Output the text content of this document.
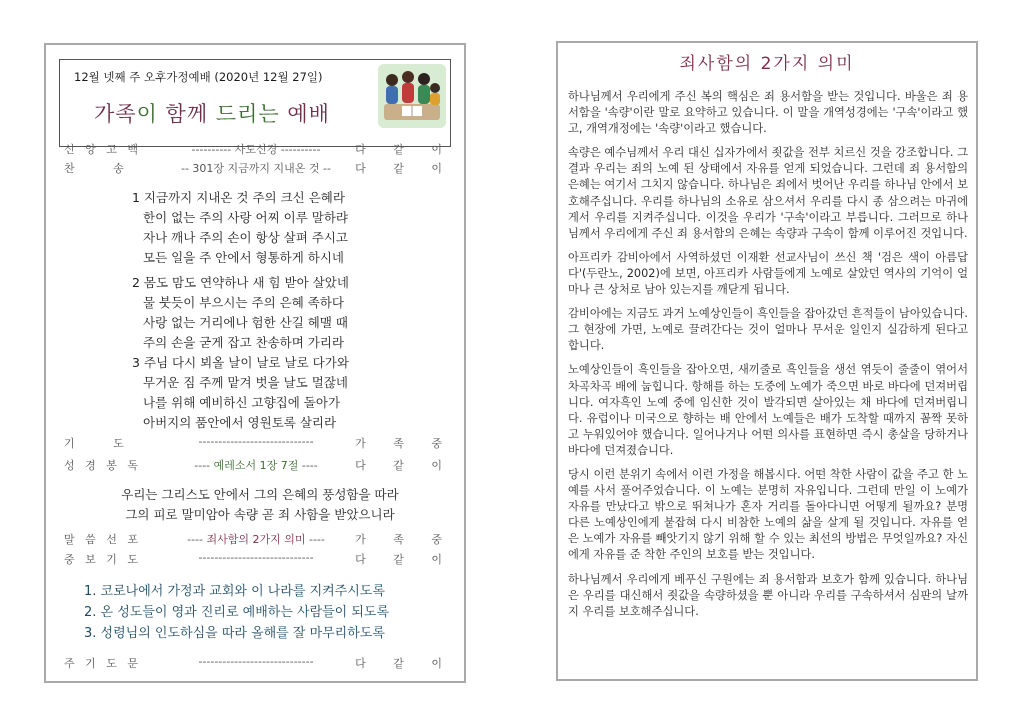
12월 넷째 주 오후가정예배 (2020년 12월 27일)
가족이 함께 드리는 예배
신 앙 고 백	---------- 사도신경 ----------	다 같 이
찬     송	-- 301장 지금까지 지내온 것 --	다 같 이
1 지금까지 지내온 것 주의 크신 은혜라
한이 없는 주의 사랑 어찌 이루 말하랴
자나 깨나 주의 손이 항상 살펴 주시고
모든 일을 주 안에서 형통하게 하시네
2 몸도 맘도 연약하나 새 힘 받아 살았네
물 붓듯이 부으시는 주의 은혜 족하다
사랑 없는 거리에나 험한 산길 헤맬 때
주의 손을 굳게 잡고 찬송하며 가리라
3 주님 다시 뵈올 날이 날로 날로 다가와
무거운 짐 주께 맡겨 벗을 날도 멀잖네
나를 위해 예비하신 고향집에 돌아가
아버지의 품안에서 영원토록 살리라
기     도	-----------------------------	가 족 중
성 경 봉 독	---- 예레소서 1장 7절 ----	다 같 이
우리는 그리스도 안에서 그의 은혜의 풍성함을 따라
그의 피로 말미암아 속량 곧 죄 사함을 받았으니라
말 씀 선 포	---- 죄사함의 2가지 의미 ----	가 족 중
중 보 기 도	-----------------------------	다 같 이
1. 코로나에서 가정과 교회와 이 나라를 지켜주시도록
2. 온 성도들이 영과 진리로 예배하는 사람들이 되도록
3. 성령님의 인도하심을 따라 올해를 잘 마무리하도록
주 기 도 문	-----------------------------	다 같 이
죄사함의 2가지 의미

하나님께서 우리에게 주신 복의 핵심은 죄 용서함을 받는 것입니다. 바울은 죄 용서함을 '속량'이란 말로 요약하고 있습니다. 이 말을 개역성경에는 '구속'이라고 했고, 개역개정에는 '속량'이라고 했습니다.

속량은 예수님께서 우리 대신 십자가에서 죗값을 전부 치르신 것을 강조합니다. 그 결과 우리는 죄의 노예 된 상태에서 자유를 얻게 되었습니다. 그런데 죄 용서함의 은혜는 여기서 그치지 않습니다. 하나님은 죄에서 벗어난 우리를 하나님 안에서 보호해주십니다. 우리를 하나님의 소유로 삼으셔서 우리를 다시 종 삼으려는 마귀에게서 우리를 지켜주십니다. 이것을 우리가 '구속'이라고 부릅니다. 그러므로 하나님께서 우리에게 주신 죄 용서함의 은혜는 속량과 구속이 함께 이루어진 것입니다.

아프리카 감비아에서 사역하셨던 이재환 선교사님이 쓰신 책 '검은 색이 아름답다'(두란노, 2002)에 보면, 아프리카 사람들에게 노예로 살았던 역사의 기억이 얼마나 큰 상처로 남아 있는지를 깨닫게 됩니다.

감비아에는 지금도 과거 노예상인들이 흑인들을 잡아갔던 흔적들이 남아있습니다. 그 현장에 가면, 노예로 끌려간다는 것이 얼마나 무서운 일인지 실감하게 된다고 합니다.

노예상인들이 흑인들을 잡아오면, 새끼줄로 흑인들을 생선 엮듯이 줄줄이 엮어서 차곡차곡 배에 눕힙니다. 항해를 하는 도중에 노예가 죽으면 바로 바다에 던져버립니다. 여자흑인 노예 중에 임신한 것이 발각되면 살아있는 채 바다에 던져버립니다. 유럽이나 미국으로 향하는 배 안에서 노예들은 배가 도착할 때까지 꼼짝 못하고 누워있어야 했습니다. 일어나거나 어떤 의사를 표현하면 즉시 총살을 당하거나 바다에 던져졌습니다.

당시 이런 분위기 속에서 이런 가정을 해봅시다. 어떤 착한 사람이 값을 주고 한 노예를 사서 풀어주었습니다. 이 노예는 분명히 자유입니다. 그런데 만일 이 노예가 자유를 만났다고 밖으로 뛰쳐나가 혼자 거리를 돌아다니면 어떻게 될까요? 분명 다른 노예상인에게 붙잡혀 다시 비참한 노예의 삶을 살게 될 것입니다. 자유를 얻은 노예가 자유를 빼앗기지 않기 위해 할 수 있는 최선의 방법은 무엇일까요? 자신에게 자유를 준 착한 주인의 보호를 받는 것입니다.

하나님께서 우리에게 베푸신 구원에는 죄 용서함과 보호가 함께 있습니다. 하나님은 우리를 대신해서 죗값을 속량하셨을 뿐 아니라 우리를 구속하셔서 심판의 날까지 우리를 보호해주십니다.
